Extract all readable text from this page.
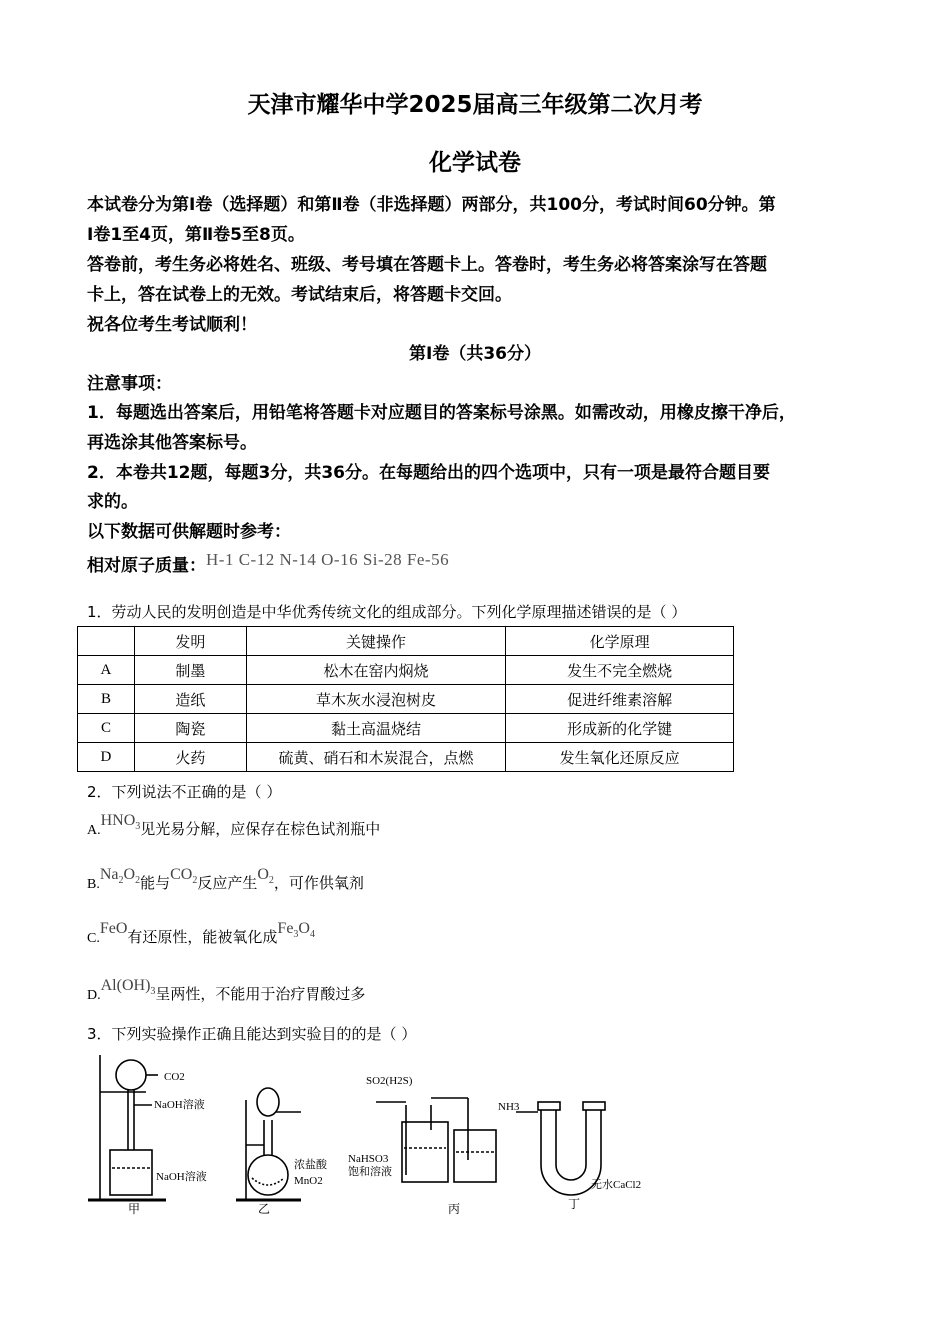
天津市耀华中学2025届高三年级第二次月考
化学试卷
本试卷分为第Ⅰ卷（选择题）和第Ⅱ卷（非选择题）两部分，共100分，考试时间60分钟。第
Ⅰ卷1至4页，第Ⅱ卷5至8页。
答卷前，考生务必将姓名、班级、考号填在答题卡上。答卷时，考生务必将答案涂写在答题
卡上，答在试卷上的无效。考试结束后，将答题卡交回。
祝各位考生考试顺利！
第Ⅰ卷（共36分）
注意事项：
1．每题选出答案后，用铅笔将答题卡对应题目的答案标号涂黑。如需改动，用橡皮擦干净后，
再选涂其他答案标号。
2．本卷共12题，每题3分，共36分。在每题给出的四个选项中，只有一项是最符合题目要
求的。
以下数据可供解题时参考：
相对原子质量：H-1 C-12 N-14 O-16 Si-28 Fe-56
1．劳动人民的发明创造是中华优秀传统文化的组成部分。下列化学原理描述错误的是（ ）
	发明	关键操作	化学原理
A	制墨	松木在窑内焖烧	发生不完全燃烧
B	造纸	草木灰水浸泡树皮	促进纤维素溶解
C	陶瓷	黏土高温烧结	形成新的化学键
D	火药	硫黄、硝石和木炭混合，点燃	发生氧化还原反应
2．下列说法不正确的是（ ）
$A.HNO_3$见光易分解，应保存在棕色试剂瓶中
$B.Na_2O_2$能与$CO_2$反应产生$O_2$，可作供氧剂
C.FeO有还原性，能被氧化成$Fe_3O_4$
$D.Al(OH)_3$呈两性，不能用于治疗胃酸过多
3．下列实验操作正确且能达到实验目的的是（ ）
CO2
NaOH溶液
NaOH溶液
浓盐酸
MnO2
SO2(H2S)
NaHSO3
饱和溶液
NH3
无水CaCl2
甲	乙	丙	丁
